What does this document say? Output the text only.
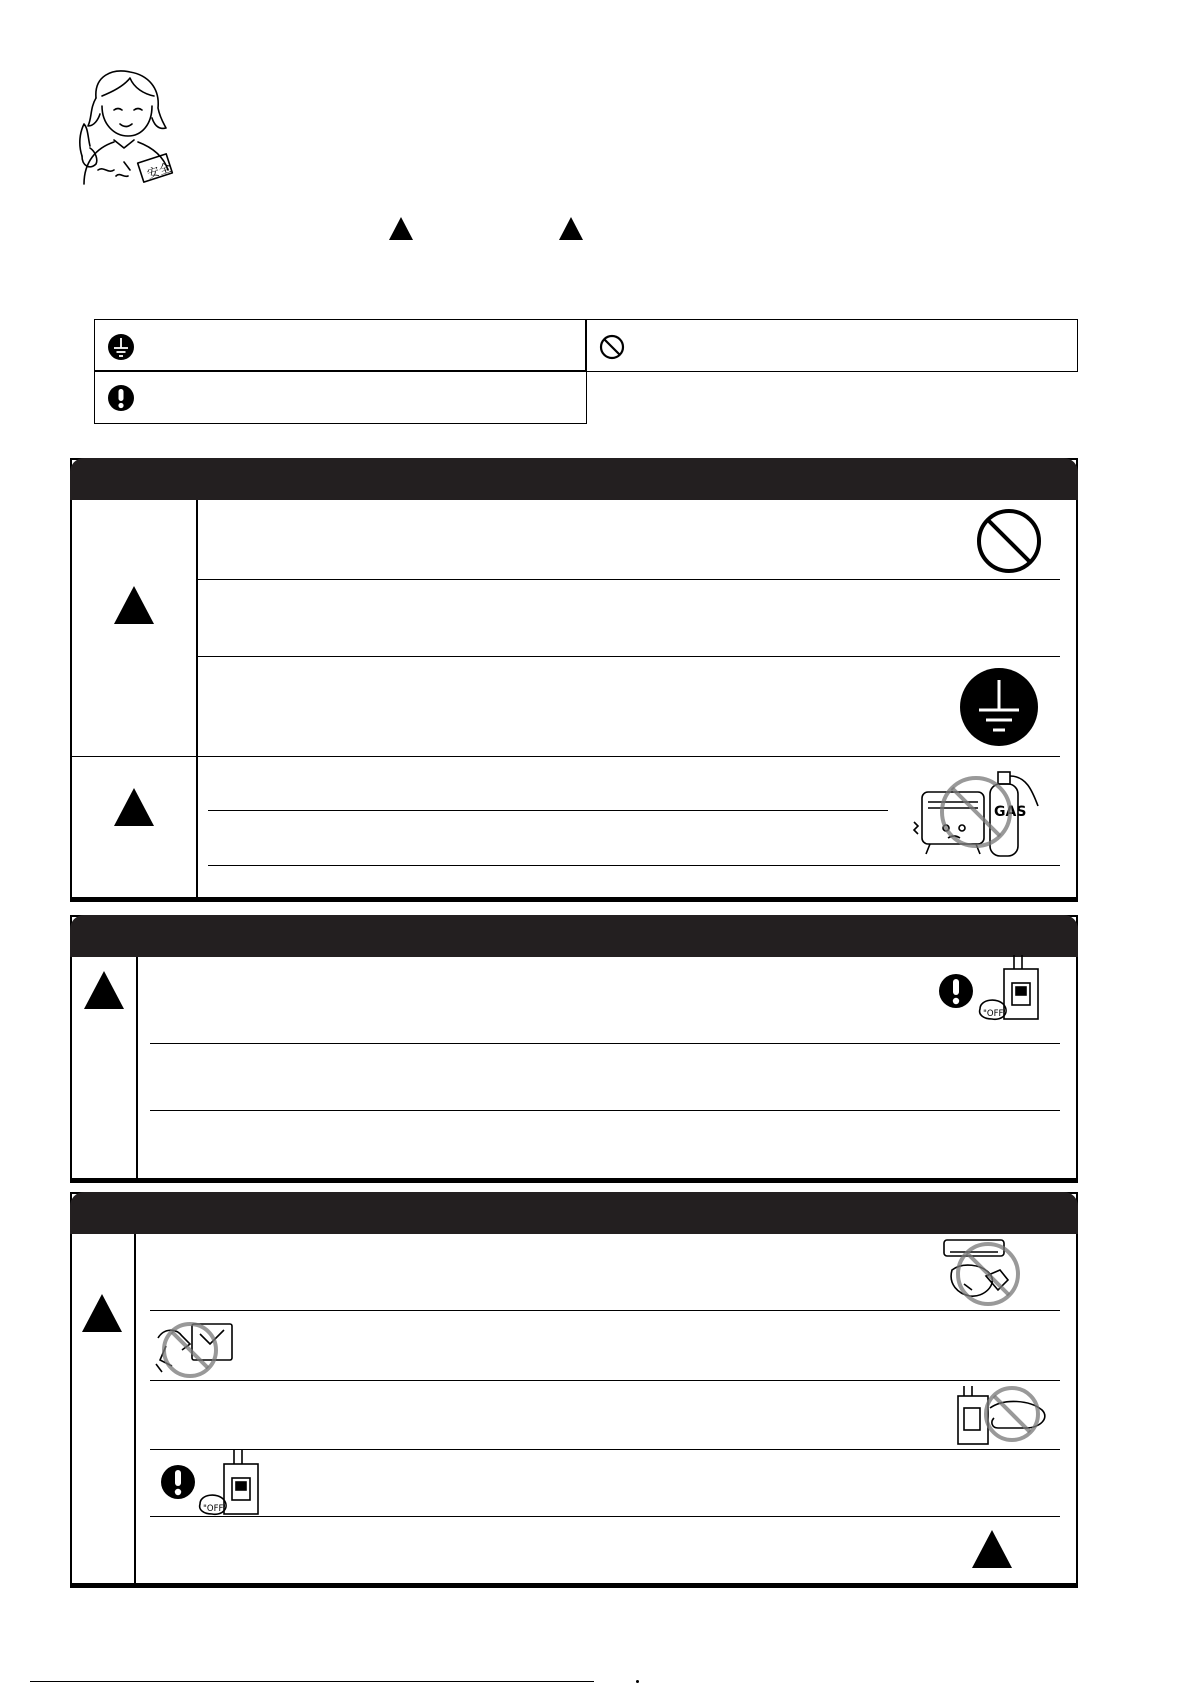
安全
GAS
"OFF"
"OFF"
